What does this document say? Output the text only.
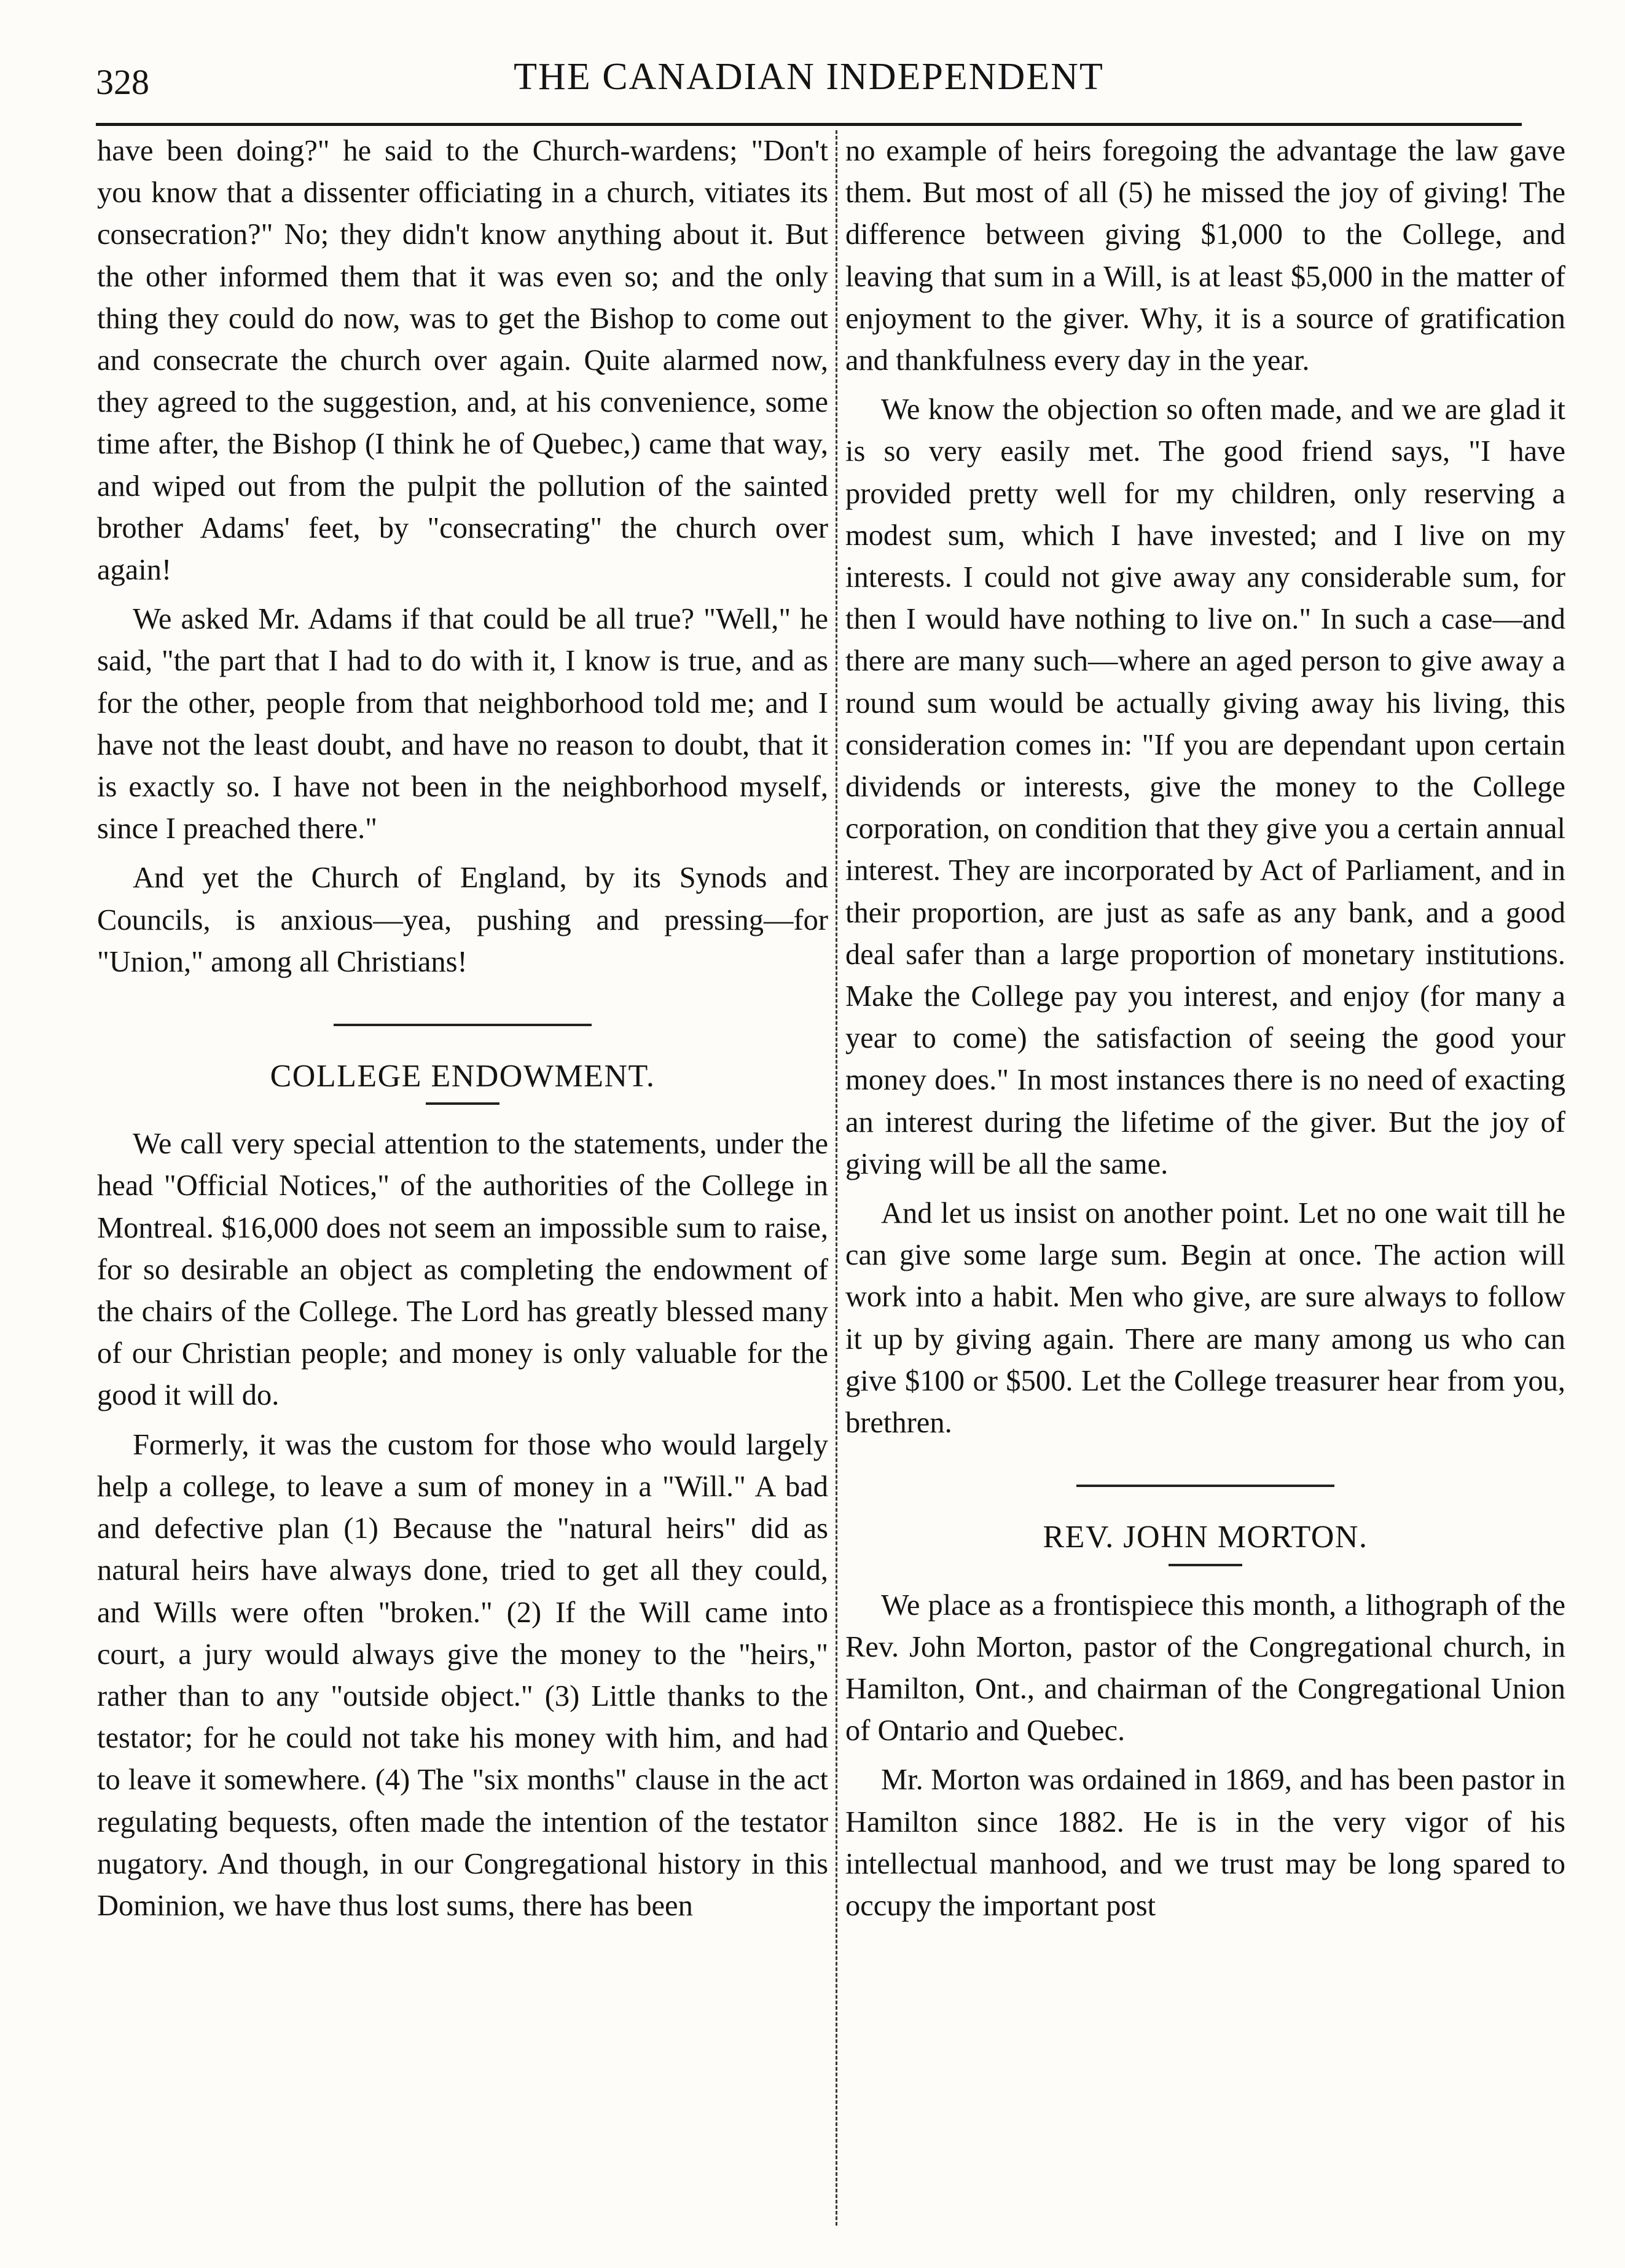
328	THE CANADIAN INDEPENDENT

have been doing?" he said to the Church-wardens; "Don't you know that a dissenter officiating in a church, vitiates its consecration?" No; they didn't know anything about it. But the other informed them that it was even so; and the only thing they could do now, was to get the Bishop to come out and consecrate the church over again. Quite alarmed now, they agreed to the suggestion, and, at his convenience, some time after, the Bishop (I think he of Quebec,) came that way, and wiped out from the pulpit the pollution of the sainted brother Adams' feet, by "consecrating" the church over again!

We asked Mr. Adams if that could be all true? "Well," he said, "the part that I had to do with it, I know is true, and as for the other, people from that neighborhood told me; and I have not the least doubt, and have no reason to doubt, that it is exactly so. I have not been in the neighborhood myself, since I preached there."

And yet the Church of England, by its Synods and Councils, is anxious—yea, pushing and pressing—for "Union," among all Christians!

COLLEGE ENDOWMENT.

We call very special attention to the statements, under the head "Official Notices," of the authorities of the College in Montreal. $16,000 does not seem an impossible sum to raise, for so desirable an object as completing the endowment of the chairs of the College. The Lord has greatly blessed many of our Christian people; and money is only valuable for the good it will do.

Formerly, it was the custom for those who would largely help a college, to leave a sum of money in a "Will." A bad and defective plan (1) Because the "natural heirs" did as natural heirs have always done, tried to get all they could, and Wills were often "broken." (2) If the Will came into court, a jury would always give the money to the "heirs," rather than to any "outside object." (3) Little thanks to the testator; for he could not take his money with him, and had to leave it somewhere. (4) The "six months" clause in the act regulating bequests, often made the intention of the testator nugatory. And though, in our Congregational history in this Dominion, we have thus lost sums, there has been

no example of heirs foregoing the advantage the law gave them. But most of all (5) he missed the joy of giving! The difference between giving $1,000 to the College, and leaving that sum in a Will, is at least $5,000 in the matter of enjoyment to the giver. Why, it is a source of gratification and thankfulness every day in the year.

We know the objection so often made, and we are glad it is so very easily met. The good friend says, "I have provided pretty well for my children, only reserving a modest sum, which I have invested; and I live on my interests. I could not give away any considerable sum, for then I would have nothing to live on." In such a case—and there are many such—where an aged person to give away a round sum would be actually giving away his living, this consideration comes in: "If you are dependant upon certain dividends or interests, give the money to the College corporation, on condition that they give you a certain annual interest. They are incorporated by Act of Parliament, and in their proportion, are just as safe as any bank, and a good deal safer than a large proportion of monetary institutions. Make the College pay you interest, and enjoy (for many a year to come) the satisfaction of seeing the good your money does." In most instances there is no need of exacting an interest during the lifetime of the giver. But the joy of giving will be all the same.

And let us insist on another point. Let no one wait till he can give some large sum. Begin at once. The action will work into a habit. Men who give, are sure always to follow it up by giving again. There are many among us who can give $100 or $500. Let the College treasurer hear from you, brethren.

REV. JOHN MORTON.

We place as a frontispiece this month, a lithograph of the Rev. John Morton, pastor of the Congregational church, in Hamilton, Ont., and chairman of the Congregational Union of Ontario and Quebec.

Mr. Morton was ordained in 1869, and has been pastor in Hamilton since 1882. He is in the very vigor of his intellectual manhood, and we trust may be long spared to occupy the important post
